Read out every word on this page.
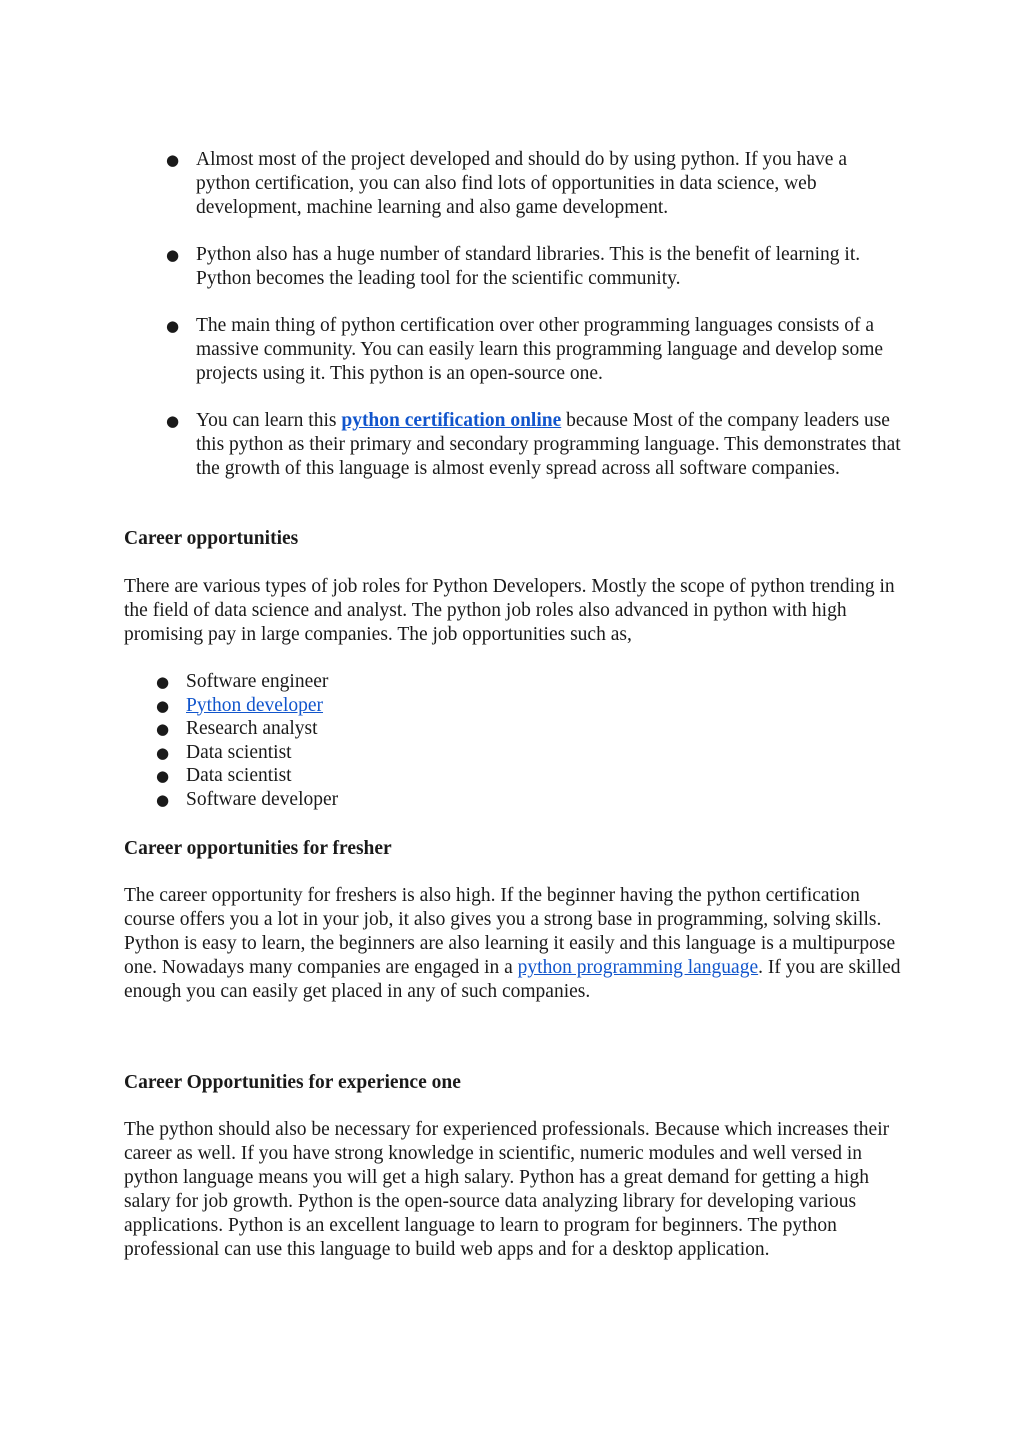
● Almost most of the project developed and should do by using python. If you have a python certification, you can also find lots of opportunities in data science, web development, machine learning and also game development.
● Python also has a huge number of standard libraries. This is the benefit of learning it. Python becomes the leading tool for the scientific community.
● The main thing of python certification over other programming languages consists of a massive community. You can easily learn this programming language and develop some projects using it. This python is an open-source one.
● You can learn this python certification online because Most of the company leaders use this python as their primary and secondary programming language. This demonstrates that the growth of this language is almost evenly spread across all software companies.
Career opportunities

There are various types of job roles for Python Developers. Mostly the scope of python trending in the field of data science and analyst. The python job roles also advanced in python with high promising pay in large companies. The job opportunities such as,

● Software engineer
● Python developer
● Research analyst
● Data scientist
● Data scientist
● Software developer
Career opportunities for fresher

The career opportunity for freshers is also high. If the beginner having the python certification course offers you a lot in your job, it also gives you a strong base in programming, solving skills. Python is easy to learn, the beginners are also learning it easily and this language is a multipurpose one. Nowadays many companies are engaged in a python programming language. If you are skilled enough you can easily get placed in any of such companies.

Career Opportunities for experience one

The python should also be necessary for experienced professionals. Because which increases their career as well. If you have strong knowledge in scientific, numeric modules and well versed in python language means you will get a high salary. Python has a great demand for getting a high salary for job growth. Python is the open-source data analyzing library for developing various applications. Python is an excellent language to learn to program for beginners. The python professional can use this language to build web apps and for a desktop application.
